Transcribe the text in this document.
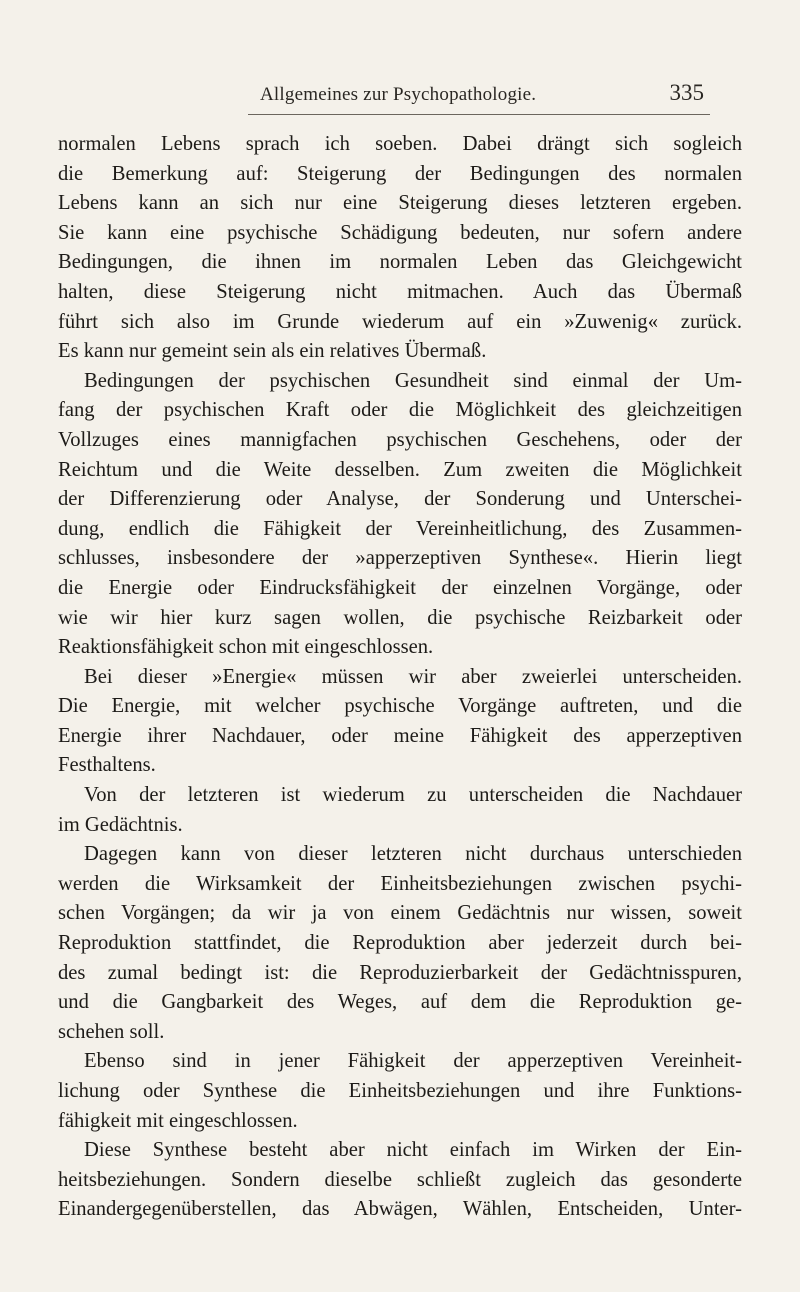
Allgemeines zur Psychopathologie.	335
normalen Lebens sprach ich soeben. Dabei drängt sich sogleich
die Bemerkung auf: Steigerung der Bedingungen des normalen
Lebens kann an sich nur eine Steigerung dieses letzteren ergeben.
Sie kann eine psychische Schädigung bedeuten, nur sofern andere
Bedingungen, die ihnen im normalen Leben das Gleichgewicht
halten, diese Steigerung nicht mitmachen. Auch das Übermaß
führt sich also im Grunde wiederum auf ein »Zuwenig« zurück.
Es kann nur gemeint sein als ein relatives Übermaß.
Bedingungen der psychischen Gesundheit sind einmal der Um-
fang der psychischen Kraft oder die Möglichkeit des gleichzeitigen
Vollzuges eines mannigfachen psychischen Geschehens, oder der
Reichtum und die Weite desselben. Zum zweiten die Möglichkeit
der Differenzierung oder Analyse, der Sonderung und Unterschei-
dung, endlich die Fähigkeit der Vereinheitlichung, des Zusammen-
schlusses, insbesondere der »apperzeptiven Synthese«. Hierin liegt
die Energie oder Eindrucksfähigkeit der einzelnen Vorgänge, oder
wie wir hier kurz sagen wollen, die psychische Reizbarkeit oder
Reaktionsfähigkeit schon mit eingeschlossen.
Bei dieser »Energie« müssen wir aber zweierlei unterscheiden.
Die Energie, mit welcher psychische Vorgänge auftreten, und die
Energie ihrer Nachdauer, oder meine Fähigkeit des apperzeptiven
Festhaltens.
Von der letzteren ist wiederum zu unterscheiden die Nachdauer
im Gedächtnis.
Dagegen kann von dieser letzteren nicht durchaus unterschieden
werden die Wirksamkeit der Einheitsbeziehungen zwischen psychi-
schen Vorgängen; da wir ja von einem Gedächtnis nur wissen, soweit
Reproduktion stattfindet, die Reproduktion aber jederzeit durch bei-
des zumal bedingt ist: die Reproduzierbarkeit der Gedächtnisspuren,
und die Gangbarkeit des Weges, auf dem die Reproduktion ge-
schehen soll.
Ebenso sind in jener Fähigkeit der apperzeptiven Vereinheit-
lichung oder Synthese die Einheitsbeziehungen und ihre Funktions-
fähigkeit mit eingeschlossen.
Diese Synthese besteht aber nicht einfach im Wirken der Ein-
heitsbeziehungen. Sondern dieselbe schließt zugleich das gesonderte
Einandergegenüberstellen, das Abwägen, Wählen, Entscheiden, Unter-
